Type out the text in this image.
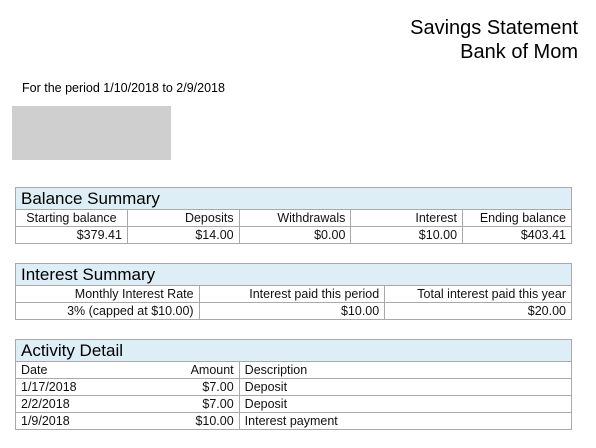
Savings Statement
Bank of Mom
For the period 1/10/2018 to 2/9/2018
Balance Summary				
Starting balance	Deposits	Withdrawals	Interest	Ending balance
$379.41	$14.00	$0.00	$10.00	$403.41
Interest Summary		
Monthly Interest Rate	Interest paid this period	Total interest paid this year
3% (capped at $10.00)	$10.00	$20.00
Activity Detail		
Date	Amount	Description
1/17/2018	$7.00	Deposit
2/2/2018	$7.00	Deposit
1/9/2018	$10.00	Interest payment
